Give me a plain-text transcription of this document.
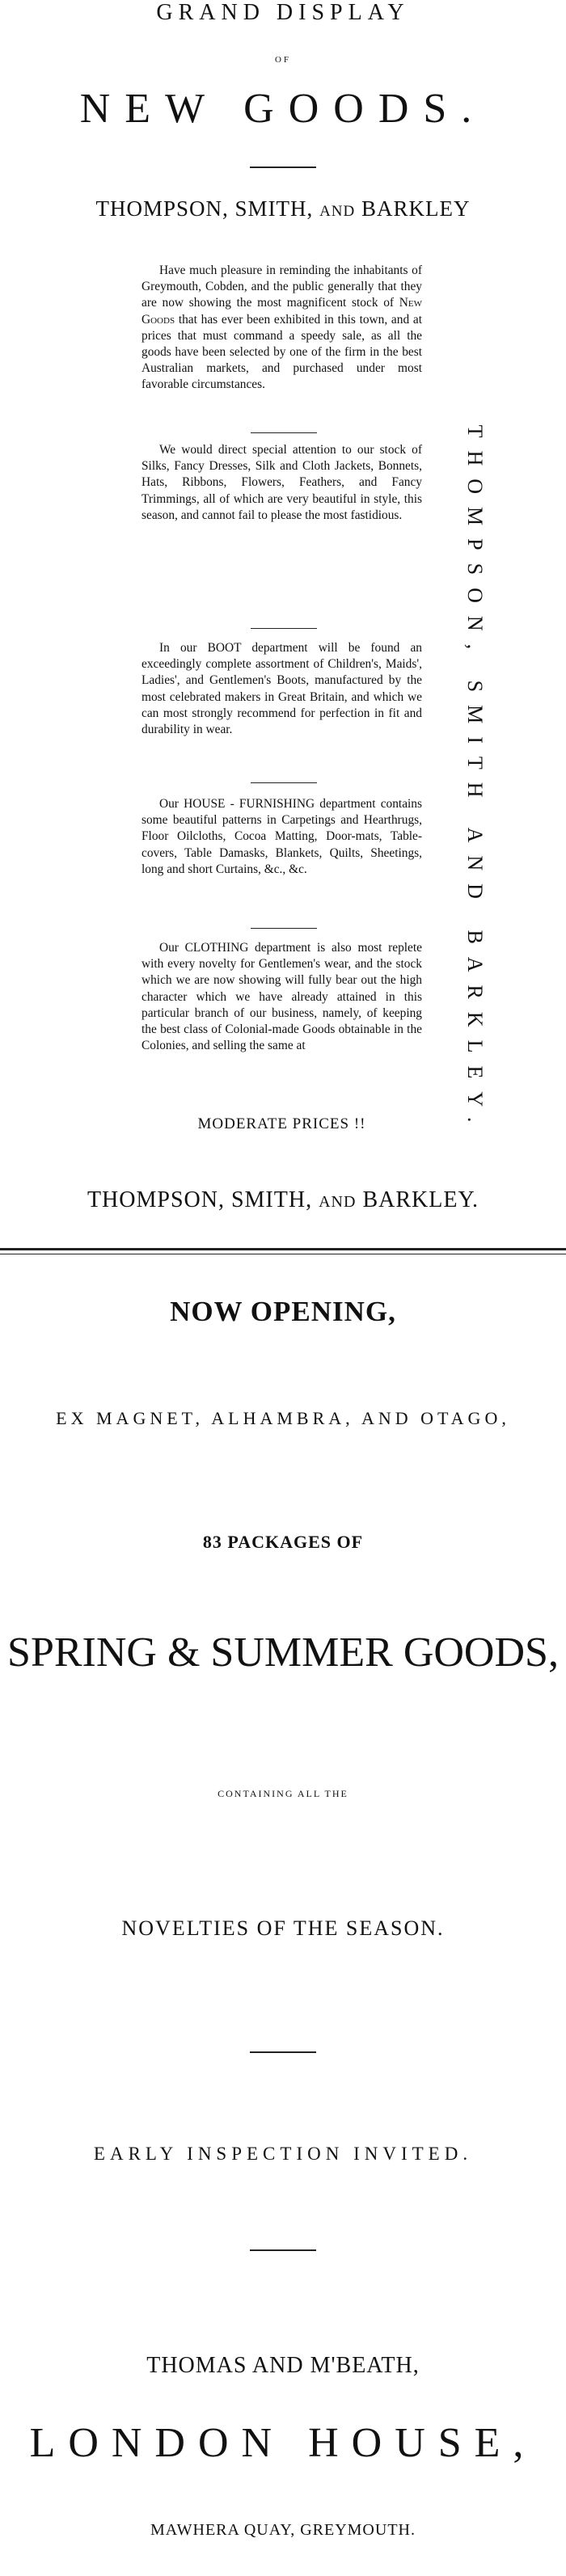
GRAND DISPLAY
OF
NEW GOODS.
THOMPSON, SMITH, and BARKLEY
THOMPSON, SMITH AND BARKLEY.

Have much pleasure in reminding the inhabitants of Greymouth, Cobden, and the public generally that they are now showing the most magnificent stock of New Goods that has ever been exhibited in this town, and at prices that must command a speedy sale, as all the goods have been selected by one of the firm in the best Australian markets, and purchased under most favorable circumstances.

We would direct special attention to our stock of Silks, Fancy Dresses, Silk and Cloth Jackets, Bonnets, Hats, Ribbons, Flowers, Feathers, and Fancy Trimmings, all of which are very beautiful in style, this season, and cannot fail to please the most fastidious.

In our BOOT department will be found an exceedingly complete assortment of Children's, Maids', Ladies', and Gentlemen's Boots, manufactured by the most celebrated makers in Great Britain, and which we can most strongly recommend for perfection in fit and durability in wear.

Our HOUSE - FURNISHING department contains some beautiful patterns in Carpetings and Hearthrugs, Floor Oilcloths, Cocoa Matting, Door-mats, Table-covers, Table Damasks, Blankets, Quilts, Sheetings, long and short Curtains, &c., &c.

Our CLOTHING department is also most replete with every novelty for Gentlemen's wear, and the stock which we are now showing will fully bear out the high character which we have already attained in this particular branch of our business, namely, of keeping the best class of Colonial-made Goods obtainable in the Colonies, and selling the same at

MODERATE PRICES !!
THOMPSON, SMITH, and BARKLEY.
NOW OPENING,
EX MAGNET, ALHAMBRA, AND OTAGO,
83 PACKAGES OF
SPRING & SUMMER GOODS,
CONTAINING ALL THE
NOVELTIES OF THE SEASON.
EARLY INSPECTION INVITED.
THOMAS AND M'BEATH,
LONDON HOUSE,
MAWHERA QUAY, GREYMOUTH.
